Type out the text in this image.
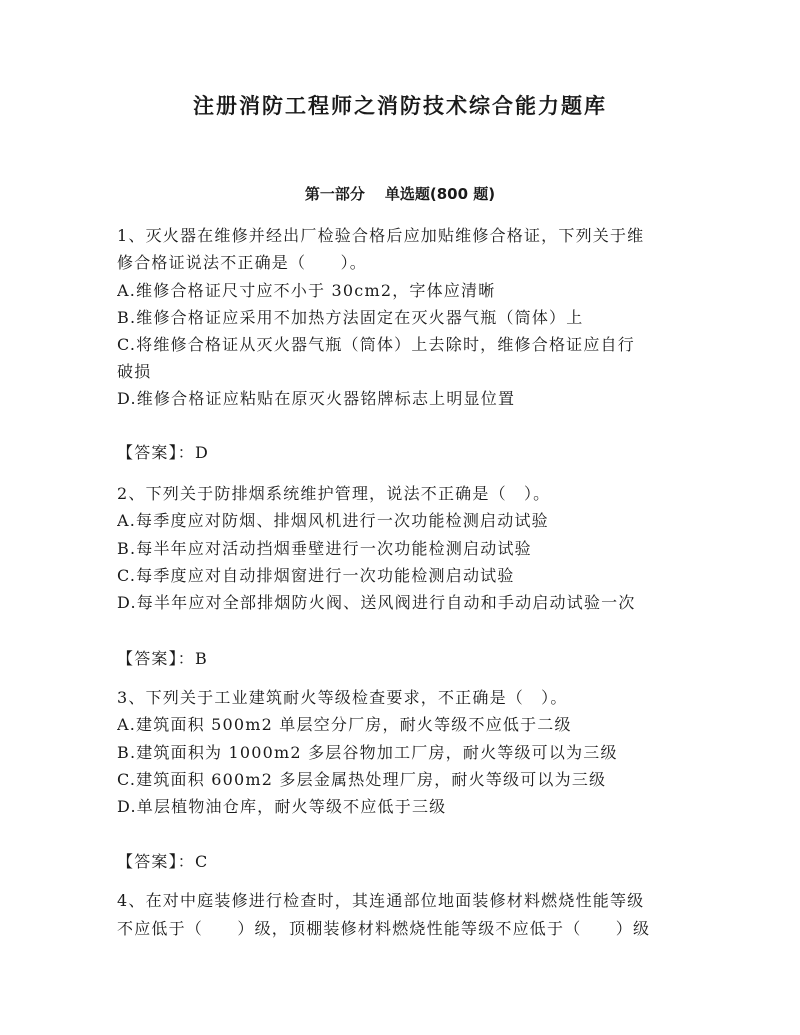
注册消防工程师之消防技术综合能力题库
第一部分 单选题(800 题)
1、灭火器在维修并经出厂检验合格后应加贴维修合格证，下列关于维
修合格证说法不正确是（　　）。
A.维修合格证尺寸应不小于 30cm2，字体应清晰
B.维修合格证应采用不加热方法固定在灭火器气瓶（筒体）上
C.将维修合格证从灭火器气瓶（筒体）上去除时，维修合格证应自行
破损
D.维修合格证应粘贴在原灭火器铭牌标志上明显位置
【答案】：D
2、下列关于防排烟系统维护管理，说法不正确是（　）。
A.每季度应对防烟、排烟风机进行一次功能检测启动试验
B.每半年应对活动挡烟垂壁进行一次功能检测启动试验
C.每季度应对自动排烟窗进行一次功能检测启动试验
D.每半年应对全部排烟防火阀、送风阀进行自动和手动启动试验一次
【答案】：B
3、下列关于工业建筑耐火等级检查要求，不正确是（　）。
A.建筑面积 500m2 单层空分厂房，耐火等级不应低于二级
B.建筑面积为 1000m2 多层谷物加工厂房，耐火等级可以为三级
C.建筑面积 600m2 多层金属热处理厂房，耐火等级可以为三级
D.单层植物油仓库，耐火等级不应低于三级
【答案】：C
4、在对中庭装修进行检查时，其连通部位地面装修材料燃烧性能等级
不应低于（　　）级，顶棚装修材料燃烧性能等级不应低于（　　）级
